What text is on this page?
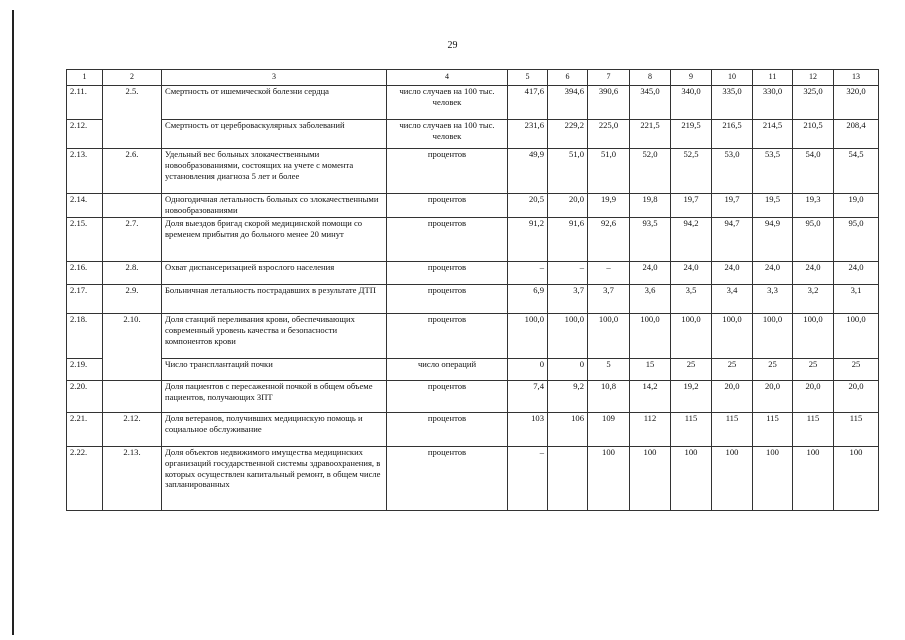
29
1	2	3	4	5	6	7	8	9	10	11	12	13
2.11.	2.5.	Смертность от ишемической болезни сердца	число случаев на 100 тыс. человек	417,6	394,6	390,6	345,0	340,0	335,0	330,0	325,0	320,0
2.12.		Смертность от цереброваскулярных заболеваний	число случаев на 100 тыс. человек	231,6	229,2	225,0	221,5	219,5	216,5	214,5	210,5	208,4
2.13.	2.6.	Удельный вес больных злокачественными новообразованиями, состоящих на учете с момента установления диагноза 5 лет и более	процентов	49,9	51,0	51,0	52,0	52,5	53,0	53,5	54,0	54,5
2.14.		Одногодичная летальность больных со злокачественными новообразованиями	процентов	20,5	20,0	19,9	19,8	19,7	19,7	19,5	19,3	19,0
2.15.	2.7.	Доля выездов бригад скорой медицинской помощи со временем прибытия до больного менее 20 минут	процентов	91,2	91,6	92,6	93,5	94,2	94,7	94,9	95,0	95,0
2.16.	2.8.	Охват диспансеризацией взрослого населения	процентов	–	–	–	24,0	24,0	24,0	24,0	24,0	24,0
2.17.	2.9.	Больничная летальность пострадавших в результате ДТП	процентов	6,9	3,7	3,7	3,6	3,5	3,4	3,3	3,2	3,1
2.18.	2.10.	Доля станций переливания крови, обеспечивающих современный уровень качества и безопасности компонентов крови	процентов	100,0	100,0	100,0	100,0	100,0	100,0	100,0	100,0	100,0
2.19.		Число трансплантаций почки	число операций	0	0	5	15	25	25	25	25	25
2.20.		Доля пациентов с пересаженной почкой в общем объеме пациентов, получающих ЗПТ	процентов	7,4	9,2	10,8	14,2	19,2	20,0	20,0	20,0	20,0
2.21.	2.12.	Доля ветеранов, получивших медицинскую помощь и социальное обслуживание	процентов	103	106	109	112	115	115	115	115	115
2.22.	2.13.	Доля объектов недвижимого имущества медицинских организаций государственной системы здравоохранения, в которых осуществлен капитальный ремонт, в общем числе запланированных	процентов	–		100	100	100	100	100	100	100
